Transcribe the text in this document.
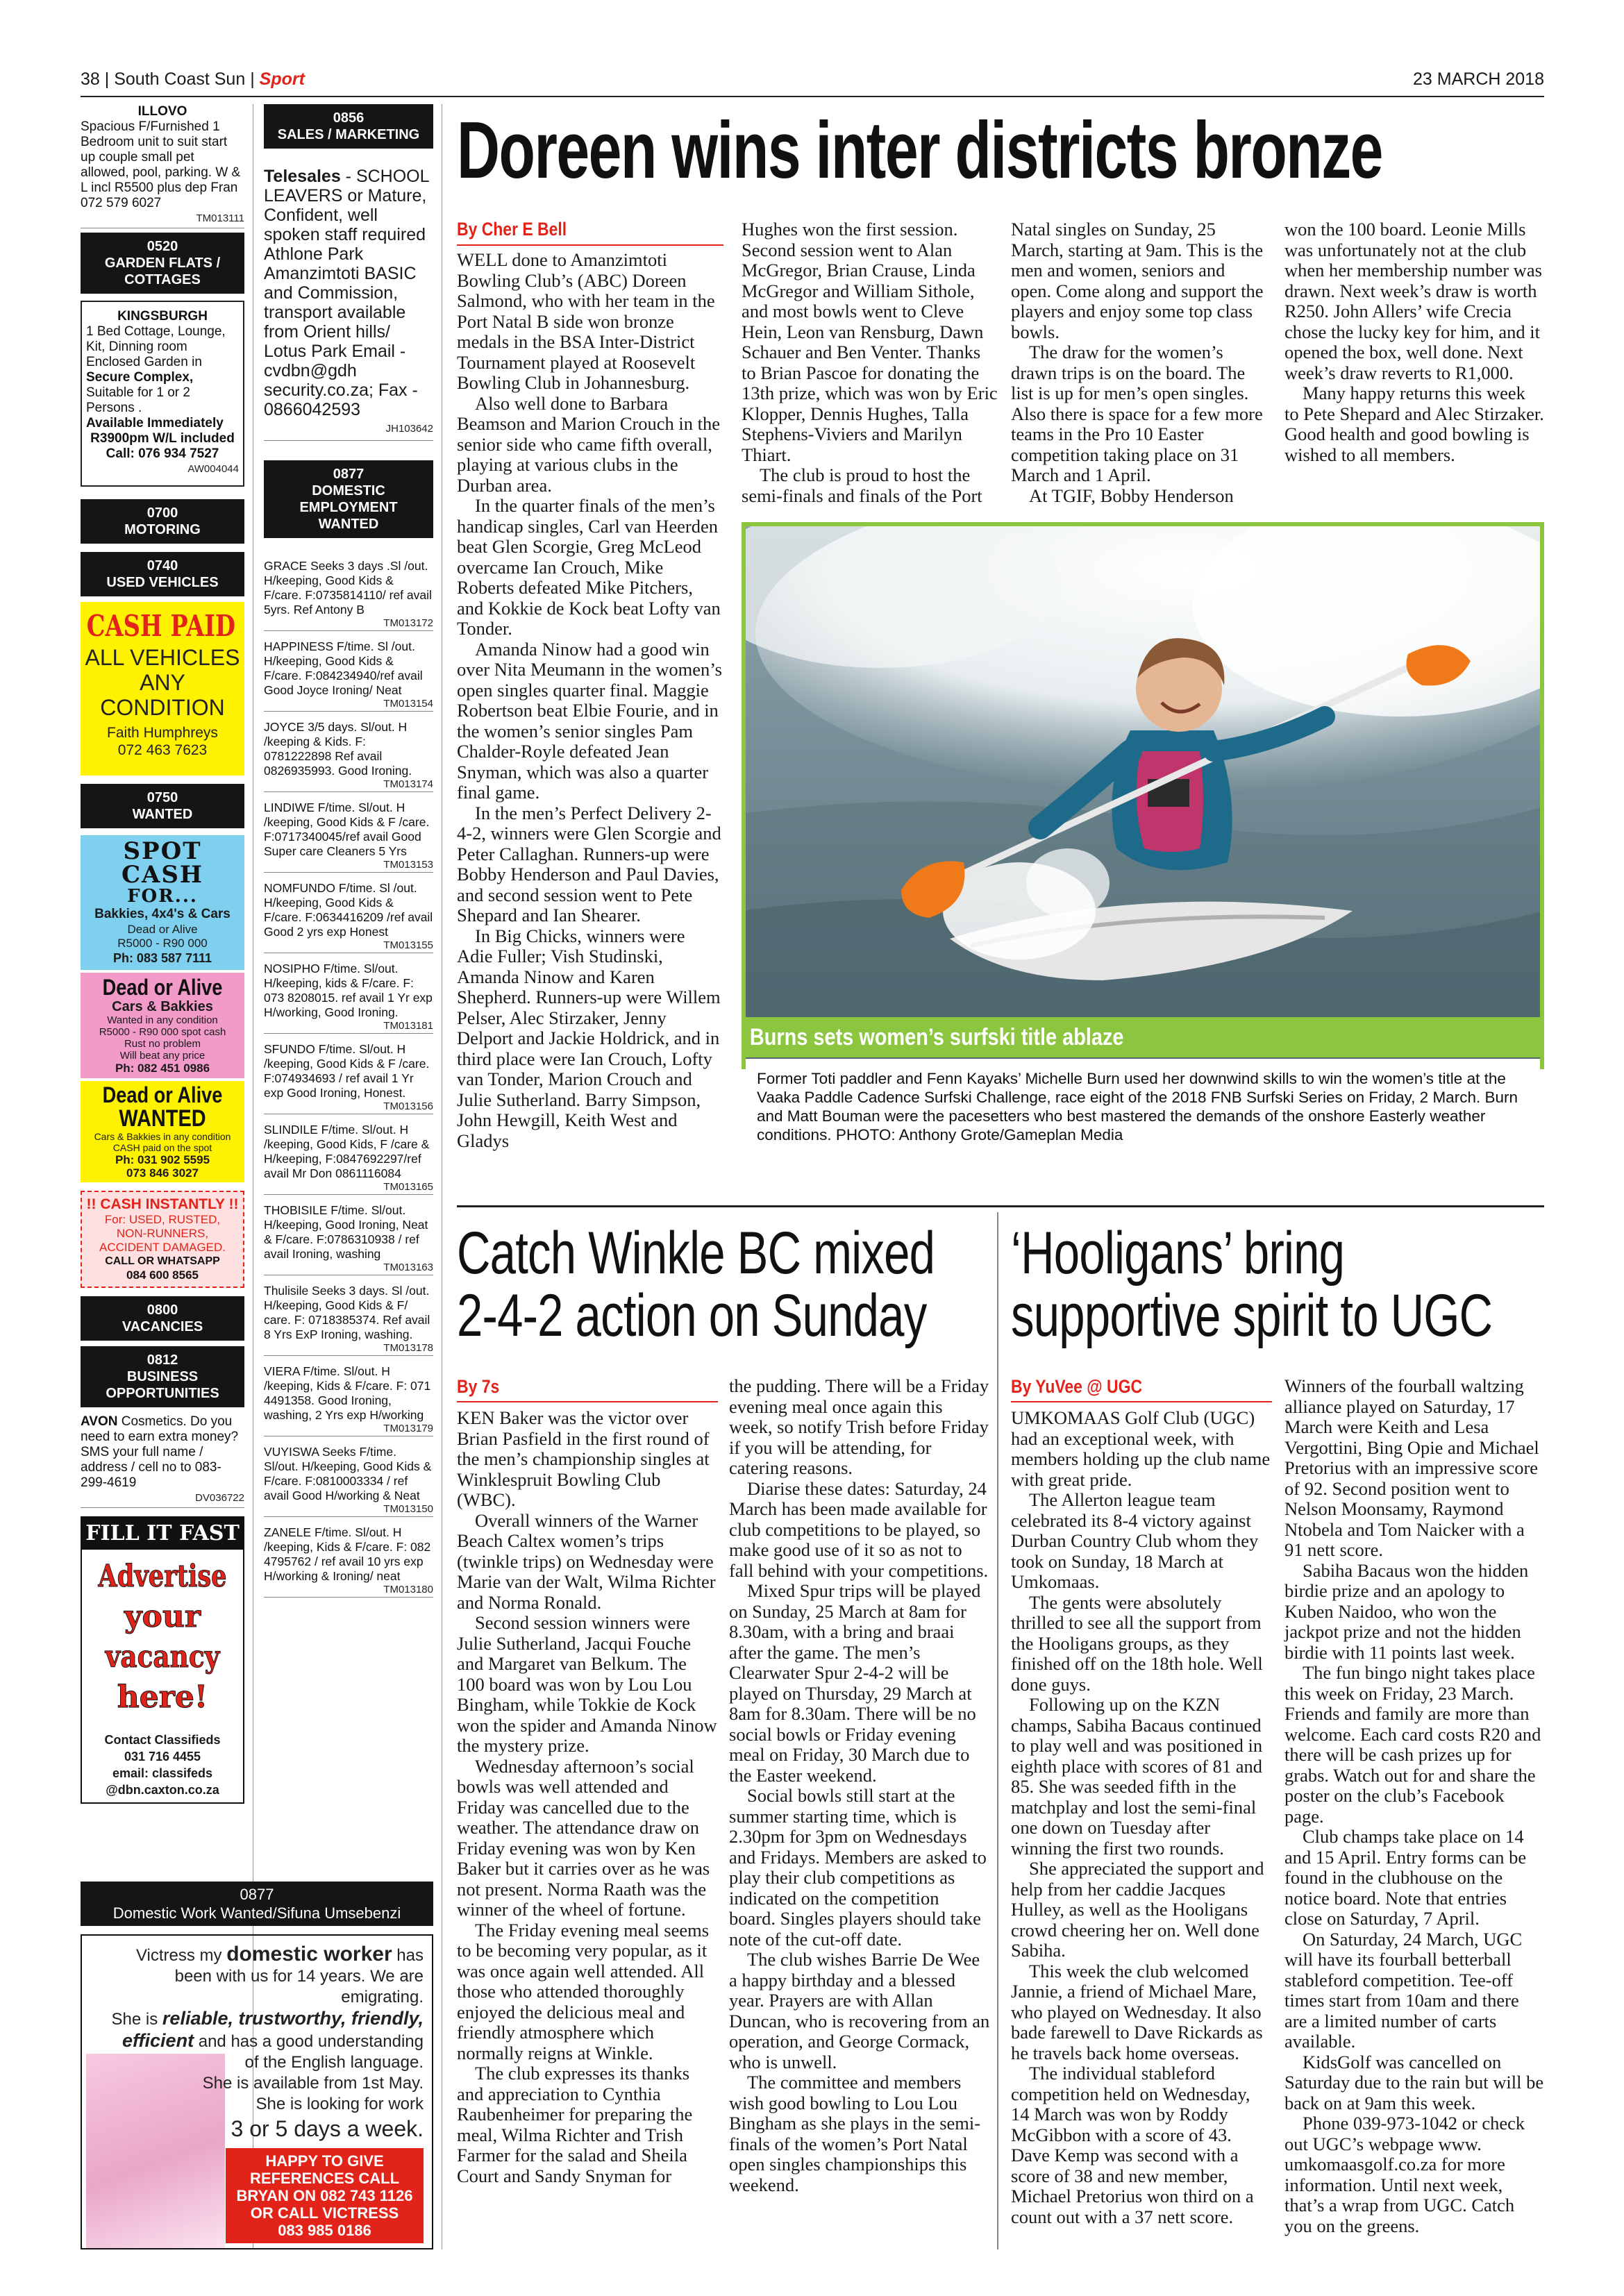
38 | South Coast Sun | Sport	23 MARCH 2018
ILLOVO
Spacious F/Furnished 1 Bedroom unit to suit start up couple small pet allowed, pool, parking. W & L incl R5500 plus dep Fran 072 579 6027
TM013111
0520
GARDEN FLATS /
COTTAGES
KINGSBURGH
1 Bed Cottage, Lounge, Kit, Dinning room
Enclosed Garden in
Secure Complex,
Suitable for 1 or 2 Persons .
Available Immediately
R3900pm W/L included
Call: 076 934 7527
AW004044
0700
MOTORING
0740
USED VEHICLES
CASH PAID
ALL VEHICLES
ANY
CONDITION
Faith Humphreys
072 463 7623
0750
WANTED
SPOT
CASH
FOR...
Bakkies, 4x4's & Cars
Dead or Alive
R5000 - R90 000
Ph: 083 587 7111
Dead or Alive
Cars & Bakkies
Wanted in any condition
R5000 - R90 000 spot cash
Rust no problem
Will beat any price
Ph: 082 451 0986
Dead or Alive
WANTED
Cars & Bakkies in any condition
CASH paid on the spot
Ph: 031 902 5595
073 846 3027
!! CASH INSTANTLY !!
For: USED, RUSTED,
NON-RUNNERS,
ACCIDENT DAMAGED.
CALL OR WHATSAPP
084 600 8565
0800
VACANCIES
0812
BUSINESS
OPPORTUNITIES
AVON Cosmetics. Do you need to earn extra money? SMS your full name / address / cell no to 083-299-4619
DV036722
FILL IT FAST
Advertise
your
vacancy
here!
Contact Classifieds
031 716 4455
email: classifeds
@dbn.caxton.co.za
0856
SALES / MARKETING
Telesales - SCHOOL LEAVERS or Mature, Confident, well spoken staff required Athlone Park Amanzimtoti BASIC and Commission, transport available from Orient hills/ Lotus Park Email - cvdbn@gdh security.co.za; Fax - 0866042593
JH103642
0877
DOMESTIC EMPLOYMENT
WANTED
GRACE Seeks 3 days .Sl /out. H/keeping, Good Kids & F/care. F:0735814110/ ref avail 5yrs. Ref Antony B
TM013172
HAPPINESS F/time. Sl /out. H/keeping, Good Kids & F/care. F:084234940/ref avail Good Joyce Ironing/ Neat
TM013154
JOYCE 3/5 days. Sl/out. H /keeping & Kids. F: 0781222898 Ref avail 0826935993. Good Ironing.
TM013174
LINDIWE F/time. Sl/out. H /keeping, Good Kids & F /care. F:0717340045/ref avail Good Super care Cleaners 5 Yrs
TM013153
NOMFUNDO F/time. Sl /out. H/keeping, Good Kids & F/care. F:0634416209 /ref avail Good 2 yrs exp Honest
TM013155
NOSIPHO F/time. Sl/out. H/keeping, kids & F/care. F: 073 8208015. ref avail 1 Yr exp H/working, Good Ironing.
TM013181
SFUNDO F/time. Sl/out. H /keeping, Good Kids & F /care. F:074934693 / ref avail 1 Yr exp Good Ironing, Honest.
TM013156
SLINDILE F/time. Sl/out. H /keeping, Good Kids, F /care & H/keeping, F:0847692297/ref avail Mr Don 0861116084
TM013165
THOBISILE F/time. Sl/out. H/keeping, Good Ironing, Neat & F/care. F:0786310938 / ref avail Ironing, washing
TM013163
Thulisile Seeks 3 days. Sl /out. H/keeping, Good Kids & F/ care. F: 0718385374. Ref avail 8 Yrs ExP Ironing, washing.
TM013178
VIERA F/time. Sl/out. H /keeping, Kids & F/care. F: 071 4491358. Good Ironing, washing, 2 Yrs exp H/working
TM013179
VUYISWA Seeks F/time. Sl/out. H/keeping, Good Kids & F/care. F:0810003334 / ref avail Good H/working & Neat
TM013150
ZANELE F/time. Sl/out. H /keeping, Kids & F/care. F: 082 4795762 / ref avail 10 yrs exp H/working & Ironing/ neat
TM013180
0877
Domestic Work Wanted/Sifuna Umsebenzi
Victress my domestic worker has
been with us for 14 years. We are emigrating.
She is reliable, trustworthy, friendly,
efficient and has a good understanding
of the English language.
She is available from 1st May.
She is looking for work
3 or 5 days a week.
HAPPY TO GIVE
REFERENCES CALL
BRYAN ON 082 743 1126
OR CALL VICTRESS
083 985 0186
Doreen wins inter districts bronze
By Cher E Bell

WELL done to Amanzimtoti Bowling Club’s (ABC) Doreen Salmond, who with her team in the Port Natal B side won bronze medals in the BSA Inter-District Tournament played at Roosevelt Bowling Club in Johannesburg.

Also well done to Barbara Beamson and Marion Crouch in the senior side who came fifth overall, playing at various clubs in the Durban area.

In the quarter finals of the men’s handicap singles, Carl van Heerden beat Glen Scorgie, Greg McLeod overcame Ian Crouch, Mike Roberts defeated Mike Pitchers, and Kokkie de Kock beat Lofty van Tonder.

Amanda Ninow had a good win over Nita Meumann in the women’s open singles quarter final. Maggie Robertson beat Elbie Fourie, and in the women’s senior singles Pam Chalder-Royle defeated Jean Snyman, which was also a quarter final game.

In the men’s Perfect Delivery 2-4-2, winners were Glen Scorgie and Peter Callaghan. Runners-up were Bobby Henderson and Paul Davies, and second session went to Pete Shepard and Ian Shearer.

In Big Chicks, winners were Adie Fuller; Vish Studinski, Amanda Ninow and Karen Shepherd. Runners-up were Willem Pelser, Alec Stirzaker, Jenny Delport and Jackie Holdrick, and in third place were Ian Crouch, Lofty van Tonder, Marion Crouch and Julie Sutherland. Barry Simpson, John Hewgill, Keith West and Gladys

Hughes won the first session. Second session went to Alan McGregor, Brian Crause, Linda McGregor and William Sithole, and most bowls went to Cleve Hein, Leon van Rensburg, Dawn Schauer and Ben Venter. Thanks to Brian Pascoe for donating the 13th prize, which was won by Eric Klopper, Dennis Hughes, Talla Stephens-Viviers and Marilyn Thiart.

The club is proud to host the semi-finals and finals of the Port

Natal singles on Sunday, 25 March, starting at 9am. This is the men and women, seniors and open. Come along and support the players and enjoy some top class bowls.

The draw for the women’s drawn trips is on the board. The list is up for men’s open singles. Also there is space for a few more teams in the Pro 10 Easter competition taking place on 31 March and 1 April.

At TGIF, Bobby Henderson

won the 100 board. Leonie Mills was unfortunately not at the club when her membership number was drawn. Next week’s draw is worth R250. John Allers’ wife Crecia chose the lucky key for him, and it opened the box, well done. Next week’s draw reverts to R1,000.

Many happy returns this week to Pete Shepard and Alec Stirzaker. Good health and good bowling is wished to all members.

Burns sets women’s surfski title ablaze
Former Toti paddler and Fenn Kayaks’ Michelle Burn used her downwind skills to win the women’s title at the Vaaka Paddle Cadence Surfski Challenge, race eight of the 2018 FNB Surfski Series on Friday, 2 March. Burn and Matt Bouman were the pacesetters who best mastered the demands of the onshore Easterly weather conditions. PHOTO: Anthony Grote/Gameplan Media
Catch Winkle BC mixed
2-4-2 action on Sunday
By 7s

KEN Baker was the victor over Brian Pasfield in the first round of the men’s championship singles at Winklespruit Bowling Club (WBC).

Overall winners of the Warner Beach Caltex women’s trips (twinkle trips) on Wednesday were Marie van der Walt, Wilma Richter and Norma Ronald.

Second session winners were Julie Sutherland, Jacqui Fouche and Margaret van Belkum. The 100 board was won by Lou Lou Bingham, while Tokkie de Kock won the spider and Amanda Ninow the mystery prize.

Wednesday afternoon’s social bowls was well attended and Friday was cancelled due to the weather. The attendance draw on Friday evening was won by Ken Baker but it carries over as he was not present. Norma Raath was the winner of the wheel of fortune.

The Friday evening meal seems to be becoming very popular, as it was once again well attended. All those who attended thoroughly enjoyed the delicious meal and friendly atmosphere which normally reigns at Winkle.

The club expresses its thanks and appreciation to Cynthia Raubenheimer for preparing the meal, Wilma Richter and Trish Farmer for the salad and Sheila Court and Sandy Snyman for

the pudding. There will be a Friday evening meal once again this week, so notify Trish before Friday if you will be attending, for catering reasons.

Diarise these dates: Saturday, 24 March has been made available for club competitions to be played, so make good use of it so as not to fall behind with your competitions.

Mixed Spur trips will be played on Sunday, 25 March at 8am for 8.30am, with a bring and braai after the game. The men’s Clearwater Spur 2-4-2 will be played on Thursday, 29 March at 8am for 8.30am. There will be no social bowls or Friday evening meal on Friday, 30 March due to the Easter weekend.

Social bowls still start at the summer starting time, which is 2.30pm for 3pm on Wednesdays and Fridays. Members are asked to play their club competitions as indicated on the competition board. Singles players should take note of the cut-off date.

The club wishes Barrie De Wee a happy birthday and a blessed year. Prayers are with Allan Duncan, who is recovering from an operation, and George Cormack, who is unwell.

The committee and members wish good bowling to Lou Lou Bingham as she plays in the semi-finals of the women’s Port Natal open singles championships this weekend.

‘Hooligans’ bring
supportive spirit to UGC
By YuVee @ UGC

UMKOMAAS Golf Club (UGC) had an exceptional week, with members holding up the club name with great pride.

The Allerton league team celebrated its 8-4 victory against Durban Country Club whom they took on Sunday, 18 March at Umkomaas.

The gents were absolutely thrilled to see all the support from the Hooligans groups, as they finished off on the 18th hole. Well done guys.

Following up on the KZN champs, Sabiha Bacaus continued to play well and was positioned in eighth place with scores of 81 and 85. She was seeded fifth in the matchplay and lost the semi-final one down on Tuesday after winning the first two rounds.

She appreciated the support and help from her caddie Jacques Hulley, as well as the Hooligans crowd cheering her on. Well done Sabiha.

This week the club welcomed Jannie, a friend of Michael Mare, who played on Wednesday. It also bade farewell to Dave Rickards as he travels back home overseas.

The individual stableford competition held on Wednesday, 14 March was won by Roddy McGibbon with a score of 43. Dave Kemp was second with a score of 38 and new member, Michael Pretorius won third on a count out with a 37 nett score.

Winners of the fourball waltzing alliance played on Saturday, 17 March were Keith and Lesa Vergottini, Bing Opie and Michael Pretorius with an impressive score of 92. Second position went to Nelson Moonsamy, Raymond Ntobela and Tom Naicker with a 91 nett score.

Sabiha Bacaus won the hidden birdie prize and an apology to Kuben Naidoo, who won the jackpot prize and not the hidden birdie with 11 points last week.

The fun bingo night takes place this week on Friday, 23 March. Friends and family are more than welcome. Each card costs R20 and there will be cash prizes up for grabs. Watch out for and share the poster on the club’s Facebook page.

Club champs take place on 14 and 15 April. Entry forms can be found in the clubhouse on the notice board. Note that entries close on Saturday, 7 April.

On Saturday, 24 March, UGC will have its fourball betterball stableford competition. Tee-off times start from 10am and there are a limited number of carts available.

KidsGolf was cancelled on Saturday due to the rain but will be back on at 9am this week.

Phone 039-973-1042 or check out UGC’s webpage www. umkomaasgolf.co.za for more information. Until next week, that’s a wrap from UGC. Catch you on the greens.
